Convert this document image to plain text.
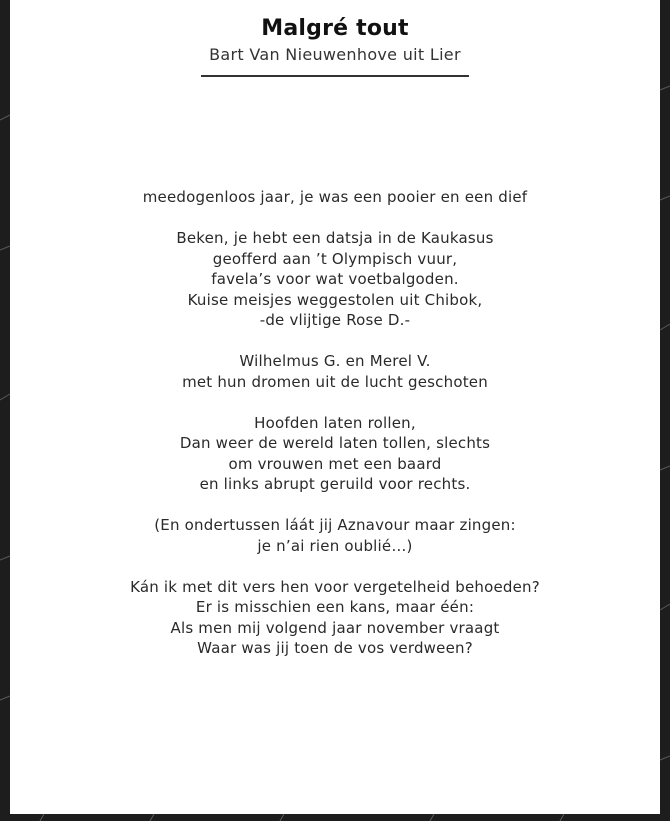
Malgré tout
Bart Van Nieuwenhove uit Lier
meedogenloos jaar, je was een pooier en een dief
Beken, je hebt een datsja in de Kaukasus
geofferd aan ’t Olympisch vuur,
favela’s voor wat voetbalgoden.
Kuise meisjes weggestolen uit Chibok,
-de vlijtige Rose D.-
Wilhelmus G. en Merel V.
met hun dromen uit de lucht geschoten
Hoofden laten rollen,
Dan weer de wereld laten tollen, slechts
om vrouwen met een baard
en links abrupt geruild voor rechts.
(En ondertussen láát jij Aznavour maar zingen:
je n’ai rien oublié…)
Kán ik met dit vers hen voor vergetelheid behoeden?
Er is misschien een kans, maar één:
Als men mij volgend jaar november vraagt
Waar was jij toen de vos verdween?
